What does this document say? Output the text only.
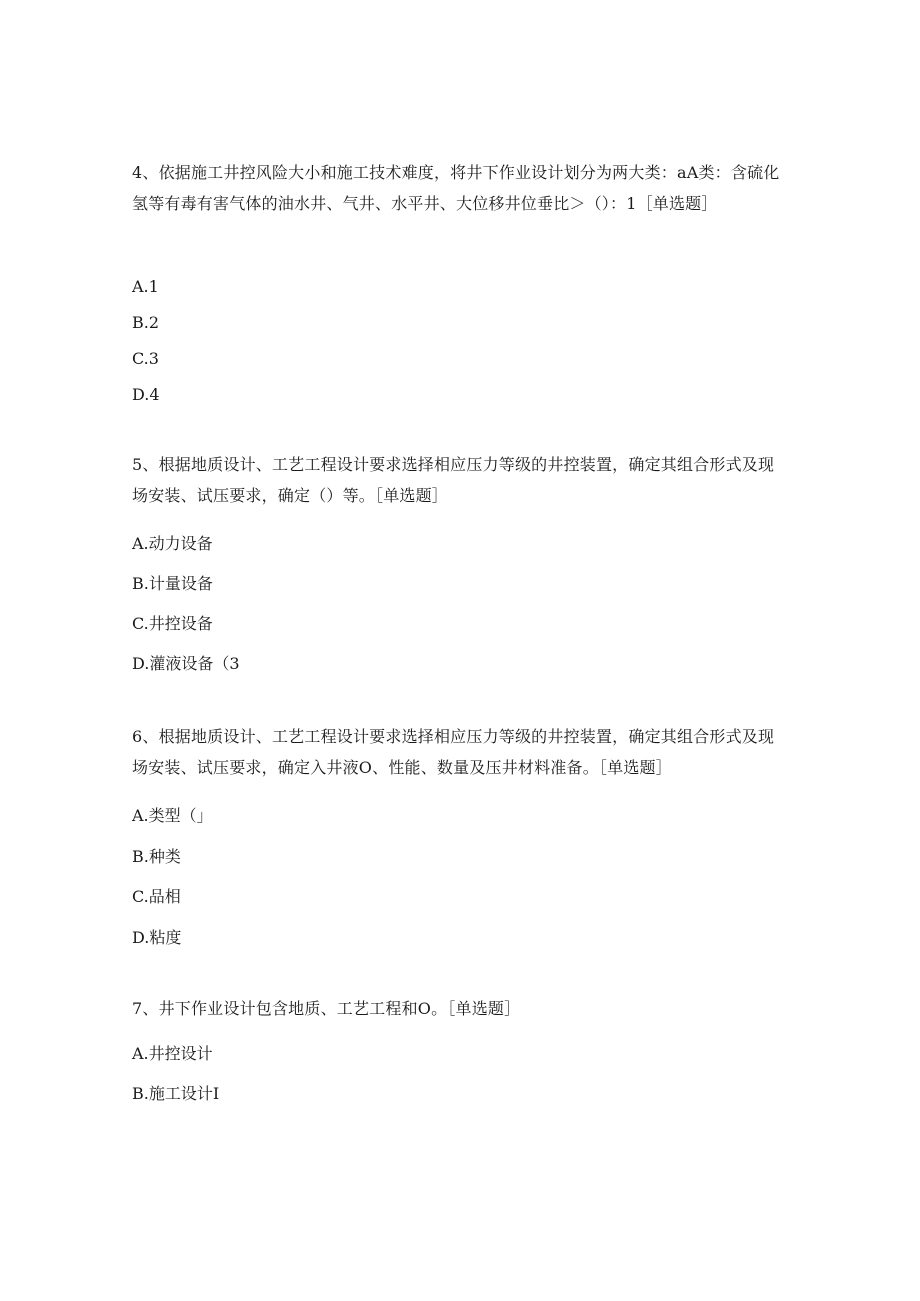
4、依据施工井控风险大小和施工技术难度，将井下作业设计划分为两大类：aA类：含硫化氢等有毒有害气体的油水井、气井、水平井、大位移井位垂比＞（）：1［单选题］
A.1
B.2
C.3
D.4
5、根据地质设计、工艺工程设计要求选择相应压力等级的井控装置，确定其组合形式及现场安装、试压要求，确定（）等。［单选题］
A.动力设备
B.计量设备
C.井控设备
D.灌液设备（3
6、根据地质设计、工艺工程设计要求选择相应压力等级的井控装置，确定其组合形式及现场安装、试压要求，确定入井液O、性能、数量及压井材料准备。［单选题］
A.类型（」
B.种类
C.品相
D.粘度
7、井下作业设计包含地质、工艺工程和O。［单选题］
A.井控设计
B.施工设计I
